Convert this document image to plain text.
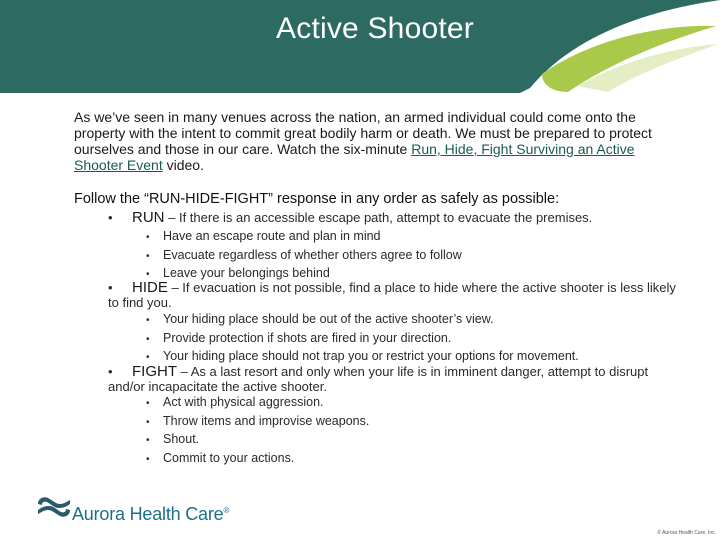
Active Shooter
As we’ve seen in many venues across the nation, an armed individual could come onto the property with the intent to commit great bodily harm or death. We must be prepared to protect ourselves and those in our care. Watch the six-minute Run, Hide, Fight Surviving an Active Shooter Event video.
Follow the “RUN-HIDE-FIGHT” response in any order as safely as possible:
• RUN – If there is an accessible escape path, attempt to evacuate the premises.
• Have an escape route and plan in mind
• Evacuate regardless of whether others agree to follow
• Leave your belongings behind
• HIDE – If evacuation is not possible, find a place to hide where the active shooter is less likely to find you.
• Your hiding place should be out of the active shooter’s view.
• Provide protection if shots are fired in your direction.
• Your hiding place should not trap you or restrict your options for movement.
• FIGHT – As a last resort and only when your life is in imminent danger, attempt to disrupt and/or incapacitate the active shooter.
• Act with physical aggression.
• Throw items and improvise weapons.
• Shout.
• Commit to your actions.
Aurora Health Care®
© Aurora Health Care, Inc.
